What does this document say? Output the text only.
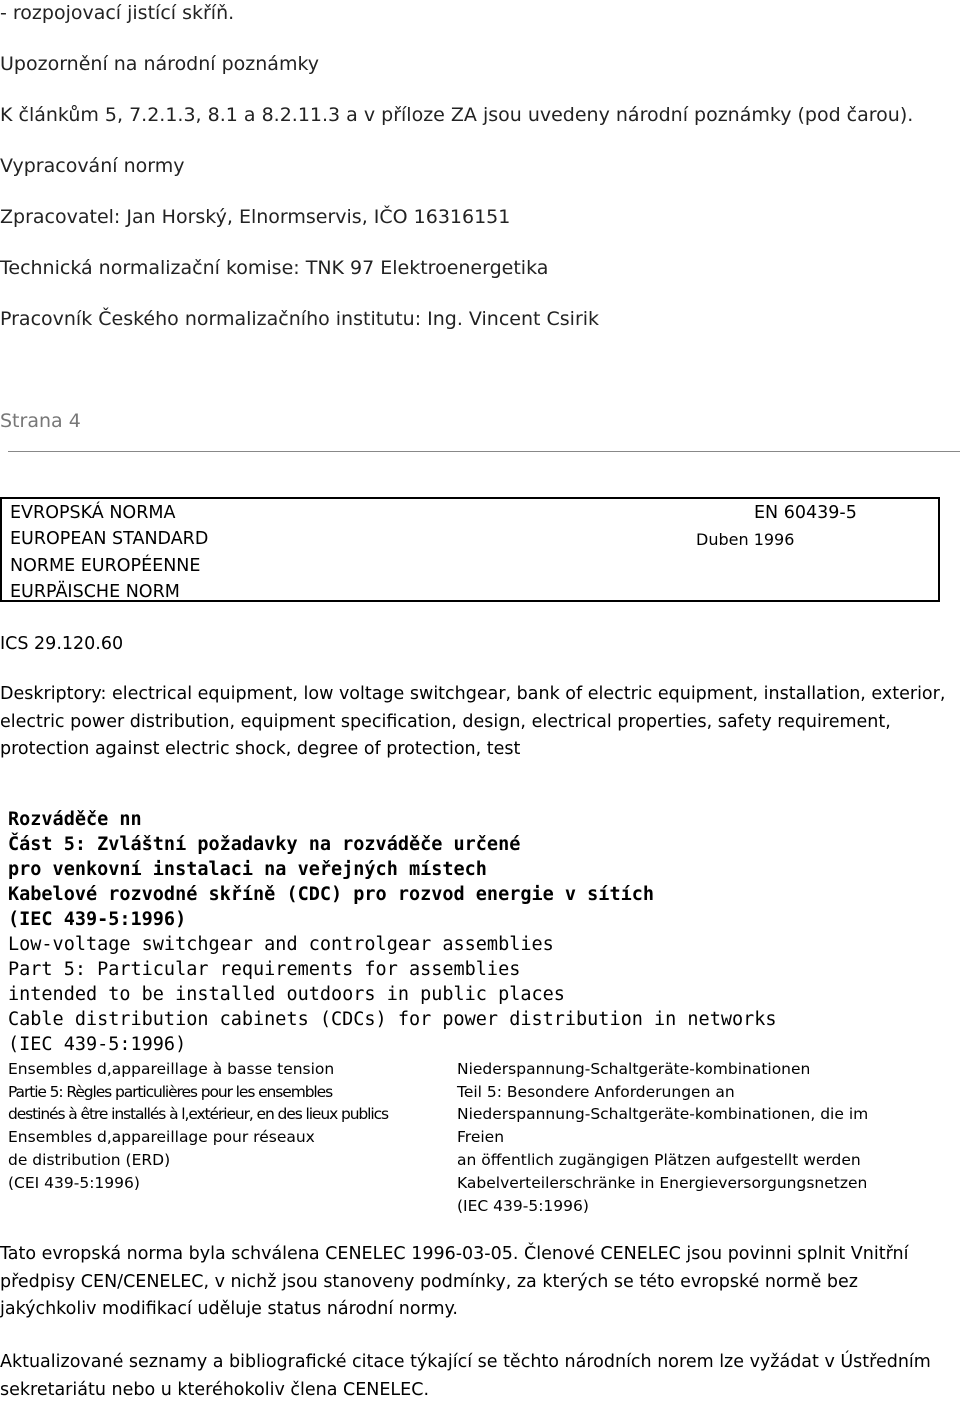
- rozpojovací jistící skříň.
Upozornění na národní poznámky
K článkům 5, 7.2.1.3, 8.1 a 8.2.11.3 a v příloze ZA jsou uvedeny národní poznámky (pod čarou).
Vypracování normy
Zpracovatel: Jan Horský, Elnormservis, IČO 16316151
Technická normalizační komise: TNK 97 Elektroenergetika
Pracovník Českého normalizačního institutu: Ing. Vincent Csirik
Strana 4
EVROPSKÁ NORMA
EUROPEAN STANDARD
NORME EUROPÉENNE
EURPÄISCHE NORM
EN 60439-5
Duben 1996
ICS 29.120.60
Deskriptory: electrical equipment, low voltage switchgear, bank of electric equipment, installation, exterior, electric power distribution, equipment specification, design, electrical properties, safety requirement, protection against electric shock, degree of protection, test
Rozváděče nn
Část 5: Zvláštní požadavky na rozváděče určené
pro venkovní instalaci na veřejných místech
Kabelové rozvodné skříně (CDC) pro rozvod energie v sítích
(IEC 439-5:1996)
Low-voltage switchgear and controlgear assemblies
Part 5: Particular requirements for assemblies
intended to be installed outdoors in public places
Cable distribution cabinets (CDCs) for power distribution in networks
(IEC 439-5:1996)
Ensembles d,appareillage à basse tension
Partie 5: Règles particulières pour les ensembles
destinés à être installés à l,extérieur, en des lieux publics
Ensembles d,appareillage pour réseaux
de distribution (ERD)
(CEI 439-5:1996)
Niederspannung-Schaltgeräte-kombinationen
Teil 5: Besondere Anforderungen an
Niederspannung-Schaltgeräte-kombinationen, die im
Freien
an öffentlich zugängigen Plätzen aufgestellt werden
Kabelverteilerschränke in Energieversorgungsnetzen
(IEC 439-5:1996)
Tato evropská norma byla schválena CENELEC 1996-03-05. Členové CENELEC jsou povinni splnit Vnitřní předpisy CEN/CENELEC, v nichž jsou stanoveny podmínky, za kterých se této evropské normě bez jakýchkoliv modifikací uděluje status národní normy.
Aktualizované seznamy a bibliografické citace týkající se těchto národních norem lze vyžádat v Ústředním sekretariátu nebo u kteréhokoliv člena CENELEC.
